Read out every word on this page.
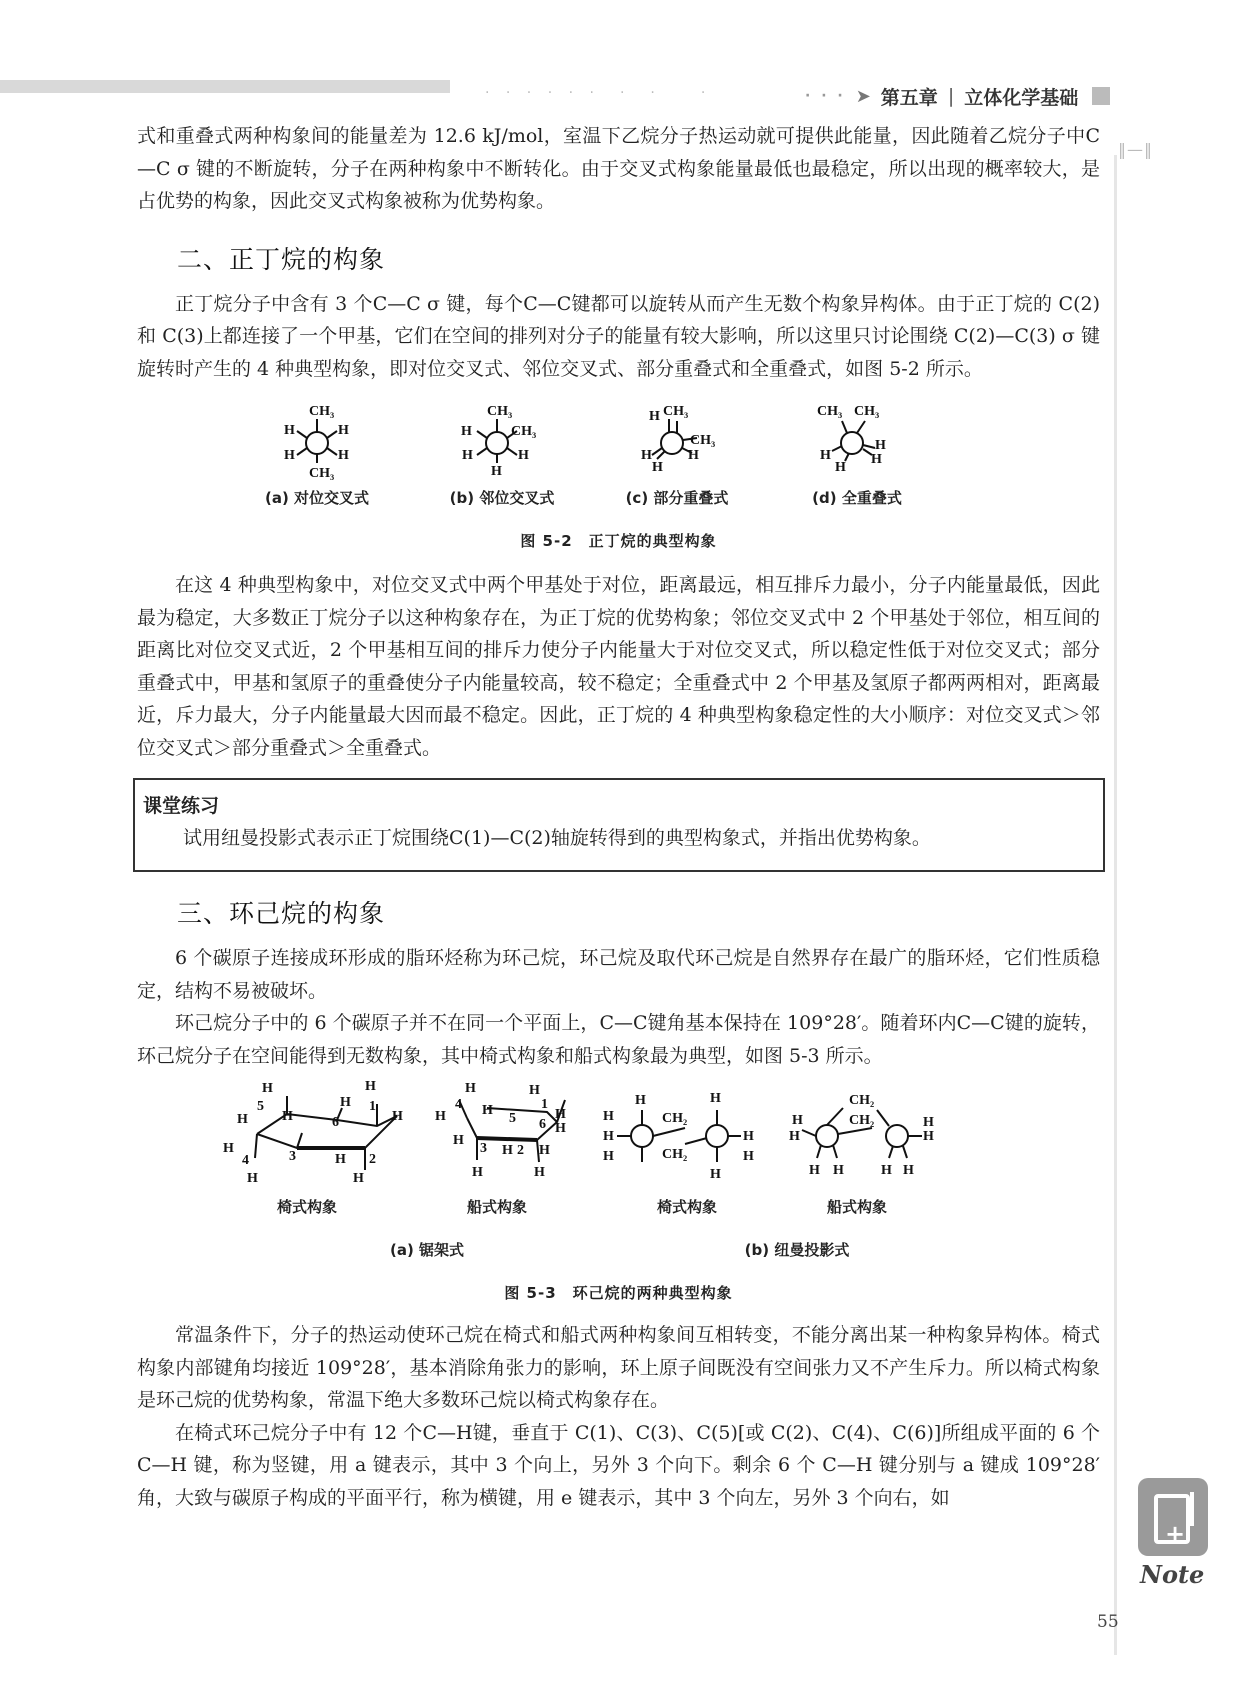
· · · · · ·　·　·　　·	· · · ➤ 第五章 | 立体化学基础
‖—‖

式和重叠式两种构象间的能量差为 12.6 kJ/mol，室温下乙烷分子热运动就可提供此能量，因此随着乙烷分子中C—C σ 键的不断旋转，分子在两种构象中不断转化。由于交叉式构象能量最低也最稳定，所以出现的概率较大，是占优势的构象，因此交叉式构象被称为优势构象。

二、正丁烷的构象

正丁烷分子中含有 3 个C—C σ 键，每个C—C键都可以旋转从而产生无数个构象异构体。由于正丁烷的 C(2)和 C(3)上都连接了一个甲基，它们在空间的排列对分子的能量有较大影响，所以这里只讨论围绕 C(2)—C(3) σ 键旋转时产生的 4 种典型构象，即对位交叉式、邻位交叉式、部分重叠式和全重叠式，如图 5-2 所示。

CH₃
H	H
H	H
CH₃
CH₃
H	CH₃
H	H
H
H CH₃
CH₃
H
H
H
CH₃ CH₃
H
H
H
H
(a) 对位交叉式	(b) 邻位交叉式	(c) 部分重叠式	(d) 全重叠式
图 5-2　正丁烷的典型构象

在这 4 种典型构象中，对位交叉式中两个甲基处于对位，距离最远，相互排斥力最小，分子内能量最低，因此最为稳定，大多数正丁烷分子以这种构象存在，为正丁烷的优势构象；邻位交叉式中 2 个甲基处于邻位，相互间的距离比对位交叉式近，2 个甲基相互间的排斥力使分子内能量大于对位交叉式，所以稳定性低于对位交叉式；部分重叠式中，甲基和氢原子的重叠使分子内能量较高，较不稳定；全重叠式中 2 个甲基及氢原子都两两相对，距离最近，斥力最大，分子内能量最大因而最不稳定。因此，正丁烷的 4 种典型构象稳定性的大小顺序：对位交叉式＞邻位交叉式＞部分重叠式＞全重叠式。

课堂练习

试用纽曼投影式表示正丁烷围绕C(1)—C(2)轴旋转得到的典型构象式，并指出优势构象。

三、环己烷的构象

6 个碳原子连接成环形成的脂环烃称为环己烷，环己烷及取代环己烷是自然界存在最广的脂环烃，它们性质稳定，结构不易被破坏。

环己烷分子中的 6 个碳原子并不在同一个平面上，C—C键角基本保持在 109°28′。随着环内C—C键的旋转，环己烷分子在空间能得到无数构象，其中椅式构象和船式构象最为典型，如图 5-3 所示。

H	H
H
H
H H
5
6
1
H
4	3	H 2
H	H
H	H
4
H	H
5
1
H
6 H
H
3 H 2 H
H	H
H
H
H
H
CH₂
CH₂
H
H
H
H
H
H
H H
CH₂
CH₂	H
H
H H
椅式构象	船式构象	椅式构象	船式构象
(a) 锯架式	(b) 纽曼投影式
图 5-3　环己烷的两种典型构象

常温条件下，分子的热运动使环己烷在椅式和船式两种构象间互相转变，不能分离出某一种构象异构体。椅式构象内部键角均接近 109°28′，基本消除角张力的影响，环上原子间既没有空间张力又不产生斥力。所以椅式构象是环己烷的优势构象，常温下绝大多数环己烷以椅式构象存在。

在椅式环己烷分子中有 12 个C—H键，垂直于 C(1)、C(3)、C(5)[或 C(2)、C(4)、C(6)]所组成平面的 6 个 C—H 键，称为竖键，用 a 键表示，其中 3 个向上，另外 3 个向下。剩余 6 个 C—H 键分别与 a 键成 109°28′角，大致与碳原子构成的平面平行，称为横键，用 e 键表示，其中 3 个向左，另外 3 个向右，如

+
Note
55
